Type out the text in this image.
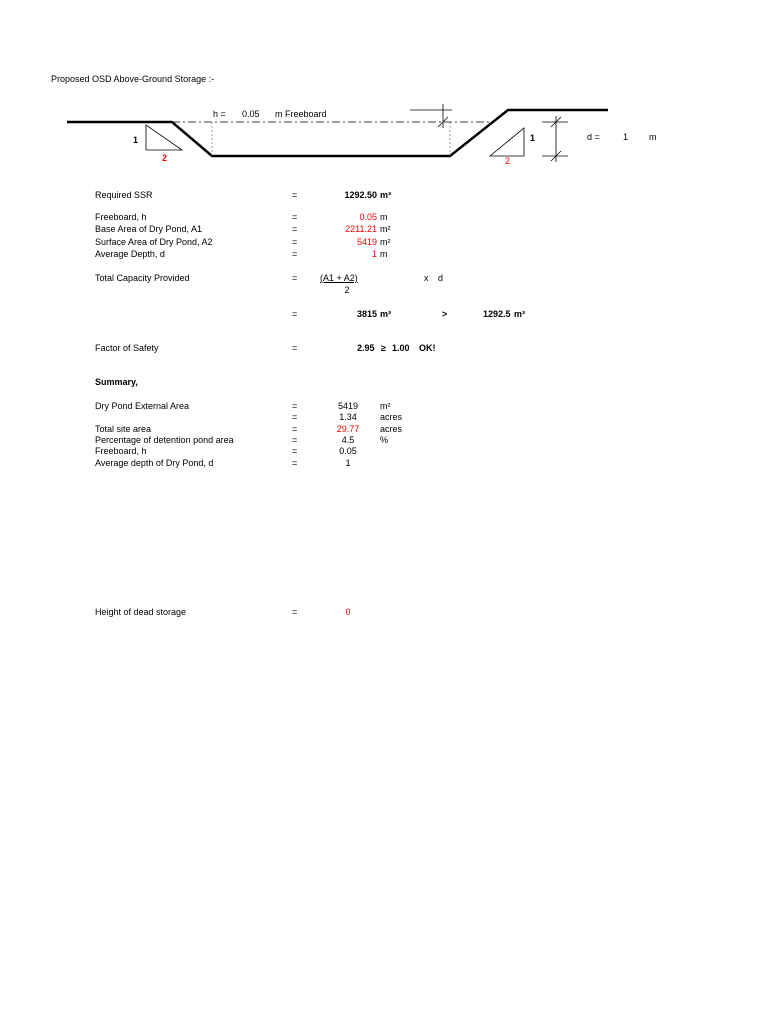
Proposed OSD Above-Ground Storage :-
h = 0.05 m Freeboard
1
2
1
2
d =	1 m
Required SSR	=	1292.50 m³
Freeboard, h	=	0.05 m
Base Area of Dry Pond, A1	=	2211.21 m²
Surface Area of Dry Pond, A2	=	5419 m²
Average Depth, d	=	1 m
Total Capacity Provided	=	(A1 + A2)
2
x d
=	3815 m³	>	1292.5 m³
Factor of Safety	=	2.95 ≥ 1.00 OK!
Summary,
Dry Pond External Area	=	5419	m²
=	1.34	acres
Total site area	=	29.77	acres
Percentage of detention pond area	=	4.5	%
Freeboard, h	=	0.05
Average depth of Dry Pond, d	=	1
Height of dead storage	=	0
